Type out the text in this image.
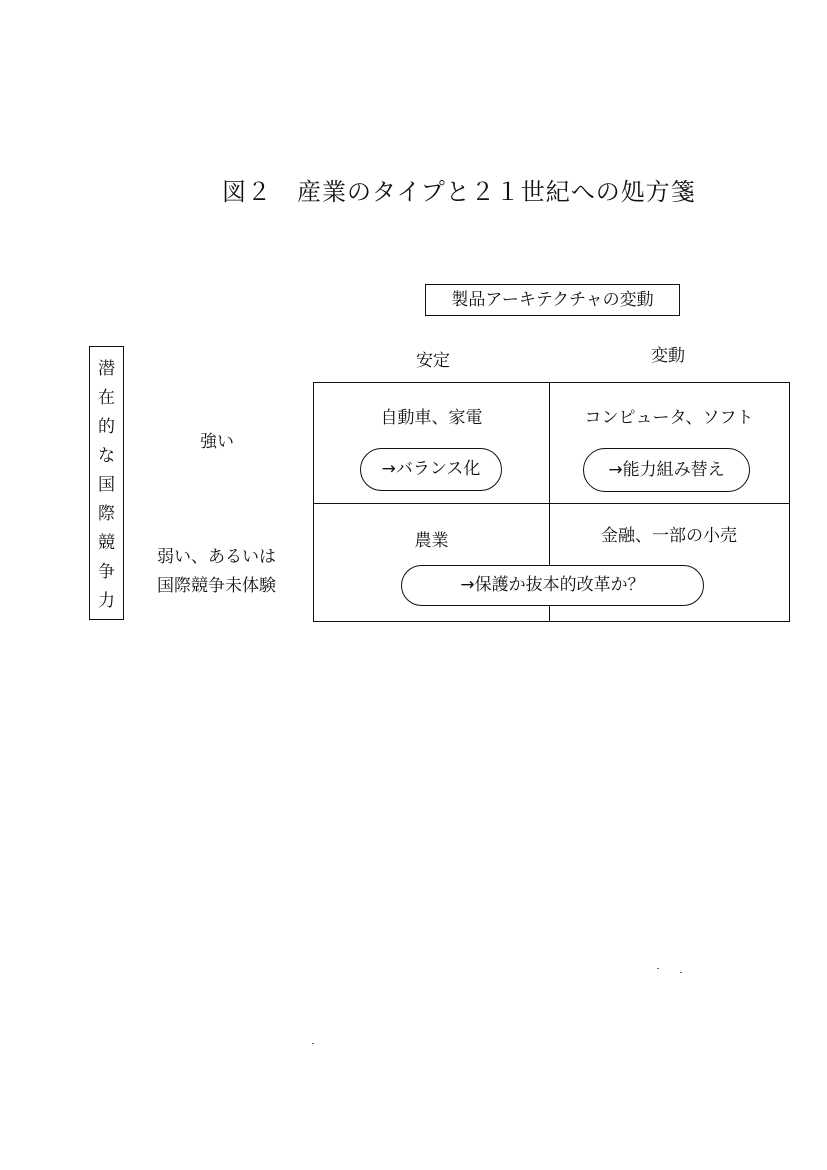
図２　産業のタイプと２１世紀への処方箋
製品アーキテクチャの変動
安定	変動
潜
在
的
な
国
際
競
争
力
強い
弱い、あるいは
国際競争未体験
自動車、家電
→バランス化
コンピュータ、ソフト
→能力組み替え
農業	金融、一部の小売
→保護か抜本的改革か？
